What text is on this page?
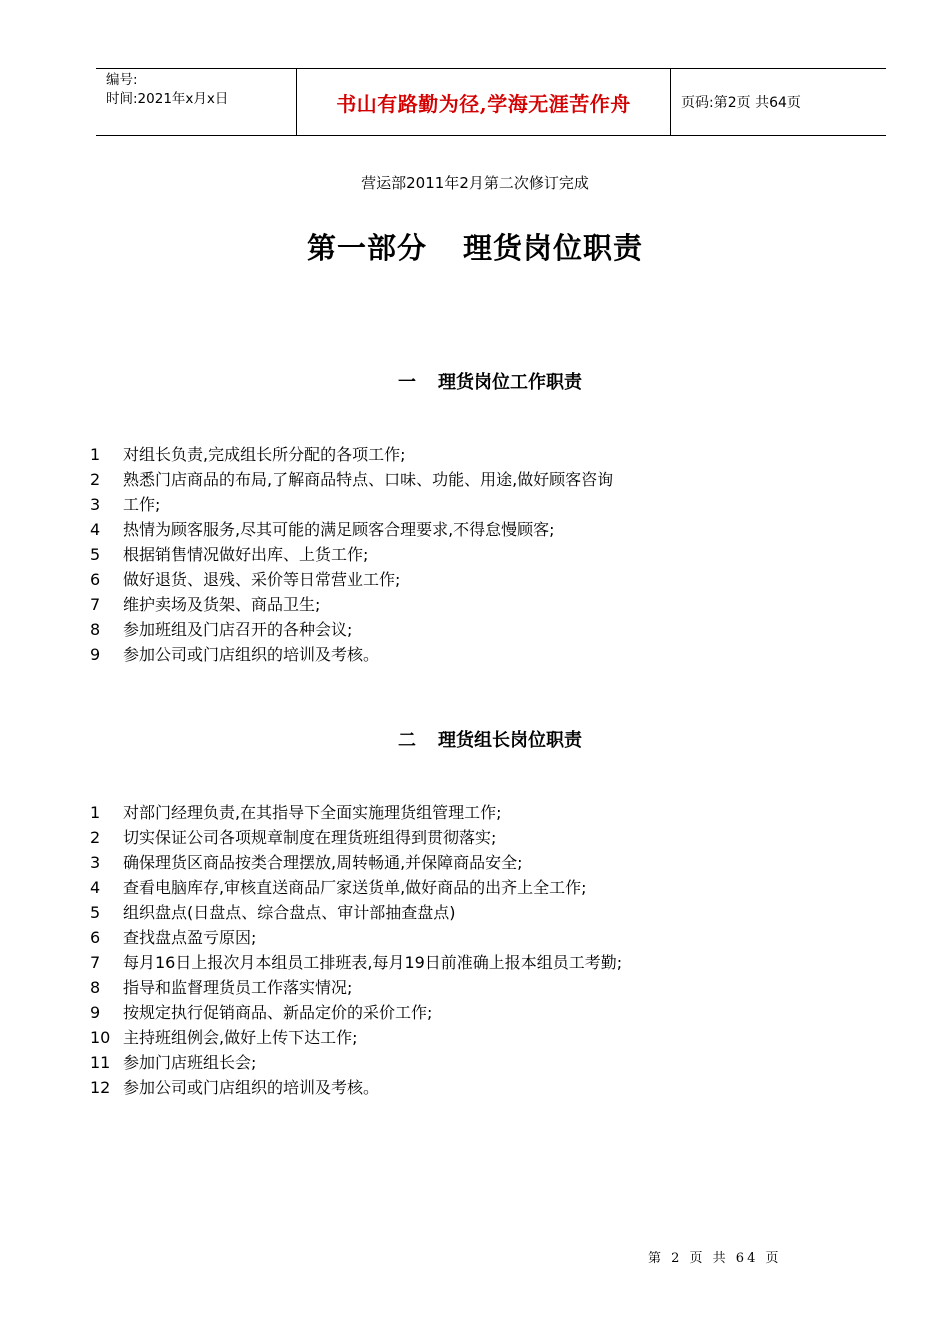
编号:
时间:2021年x月x日	书山有路勤为径,学海无涯苦作舟	页码:第2页 共64页
营运部2011年2月第二次修订完成
第一部分 理货岗位职责
一 理货岗位工作职责
1	对组长负责,完成组长所分配的各项工作;
2	熟悉门店商品的布局,了解商品特点、口味、功能、用途,做好顾客咨询
3	工作;
4	热情为顾客服务,尽其可能的满足顾客合理要求,不得怠慢顾客;
5	根据销售情况做好出库、上货工作;
6	做好退货、退残、采价等日常营业工作;
7	维护卖场及货架、商品卫生;
8	参加班组及门店召开的各种会议;
9	参加公司或门店组织的培训及考核。
二 理货组长岗位职责
1	对部门经理负责,在其指导下全面实施理货组管理工作;
2	切实保证公司各项规章制度在理货班组得到贯彻落实;
3	确保理货区商品按类合理摆放,周转畅通,并保障商品安全;
4	查看电脑库存,审核直送商品厂家送货单,做好商品的出齐上全工作;
5	组织盘点(日盘点、综合盘点、审计部抽查盘点)
6	查找盘点盈亏原因;
7	每月16日上报次月本组员工排班表,每月19日前准确上报本组员工考勤;
8	指导和监督理货员工作落实情况;
9	按规定执行促销商品、新品定价的采价工作;
10 主持班组例会,做好上传下达工作;
11 参加门店班组长会;
12 参加公司或门店组织的培训及考核。
第 2 页 共 64 页
